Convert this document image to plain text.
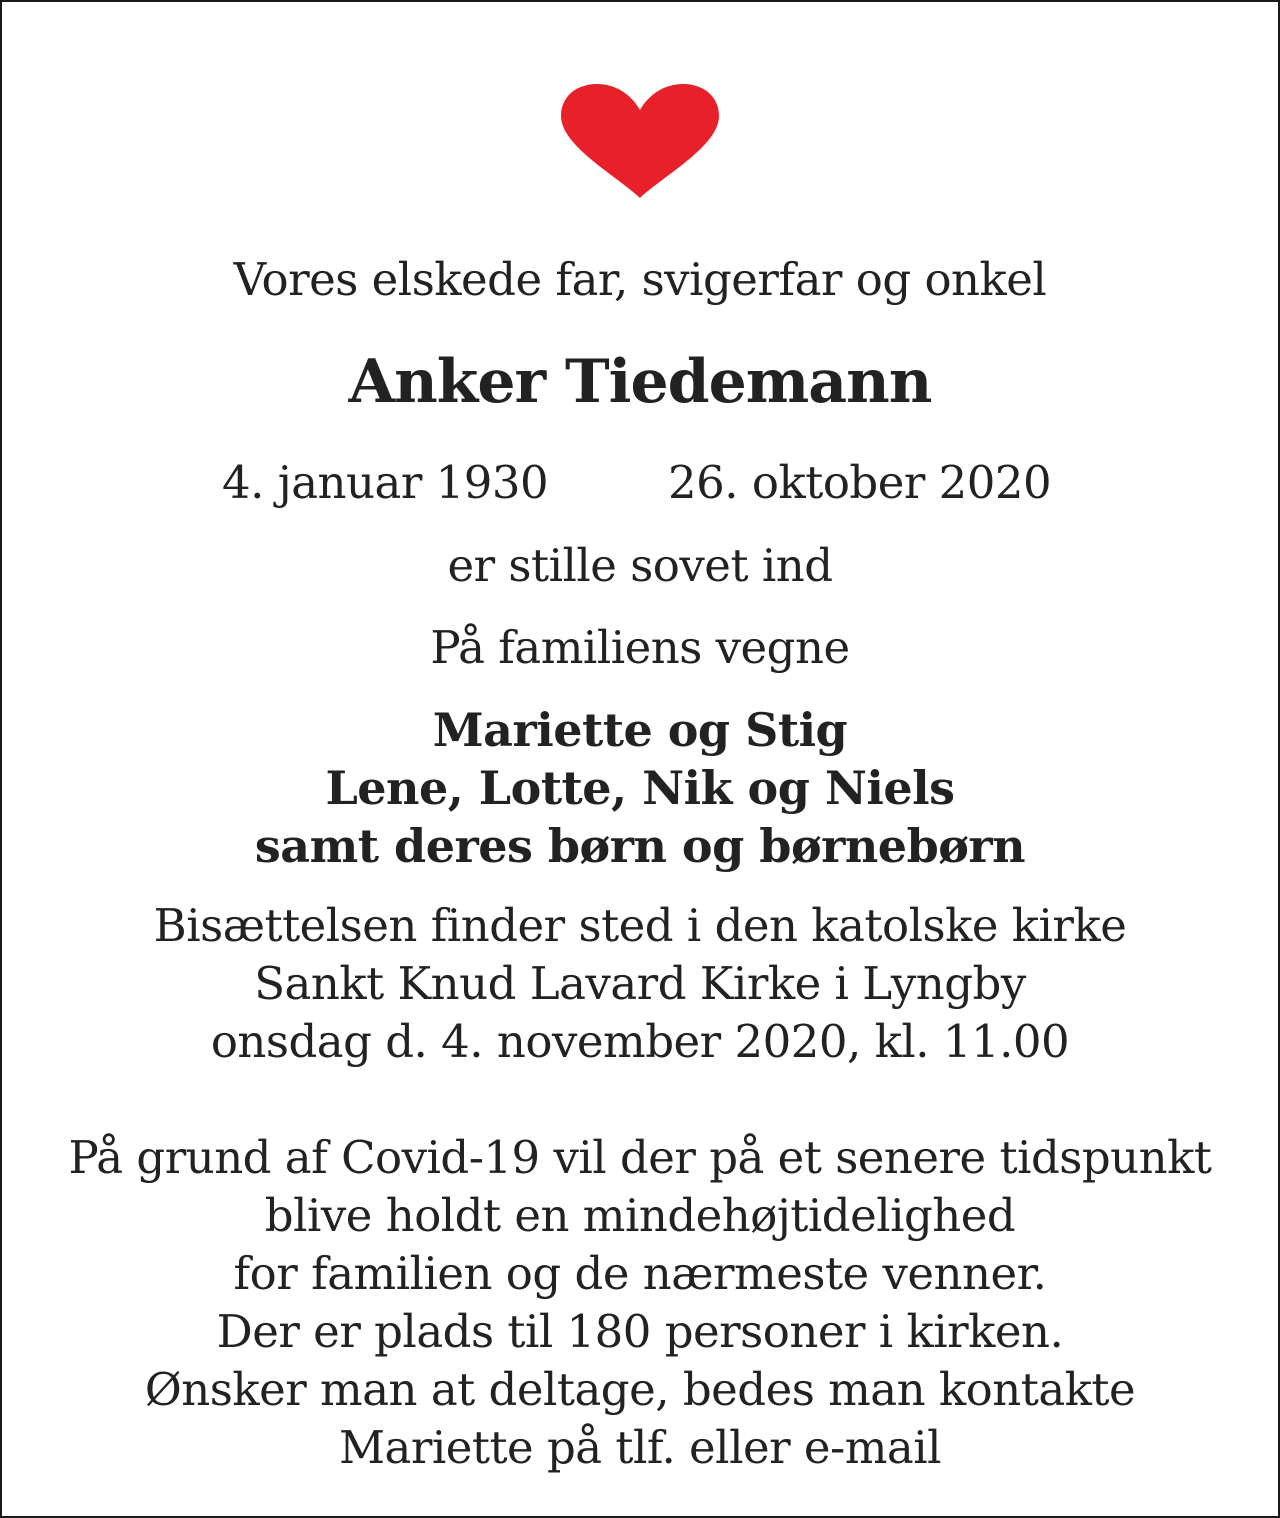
Vores elskede far, svigerfar og onkel
Anker Tiedemann
4. januar 1930	26. oktober 2020
er stille sovet ind
På familiens vegne
Mariette og Stig
Lene, Lotte, Nik og Niels
samt deres børn og børnebørn
Bisættelsen finder sted i den katolske kirke
Sankt Knud Lavard Kirke i Lyngby
onsdag d. 4. november 2020, kl. 11.00
På grund af Covid-19 vil der på et senere tidspunkt
blive holdt en mindehøjtidelighed
for familien og de nærmeste venner.
Der er plads til 180 personer i kirken.
Ønsker man at deltage, bedes man kontakte
Mariette på tlf. eller e-mail
